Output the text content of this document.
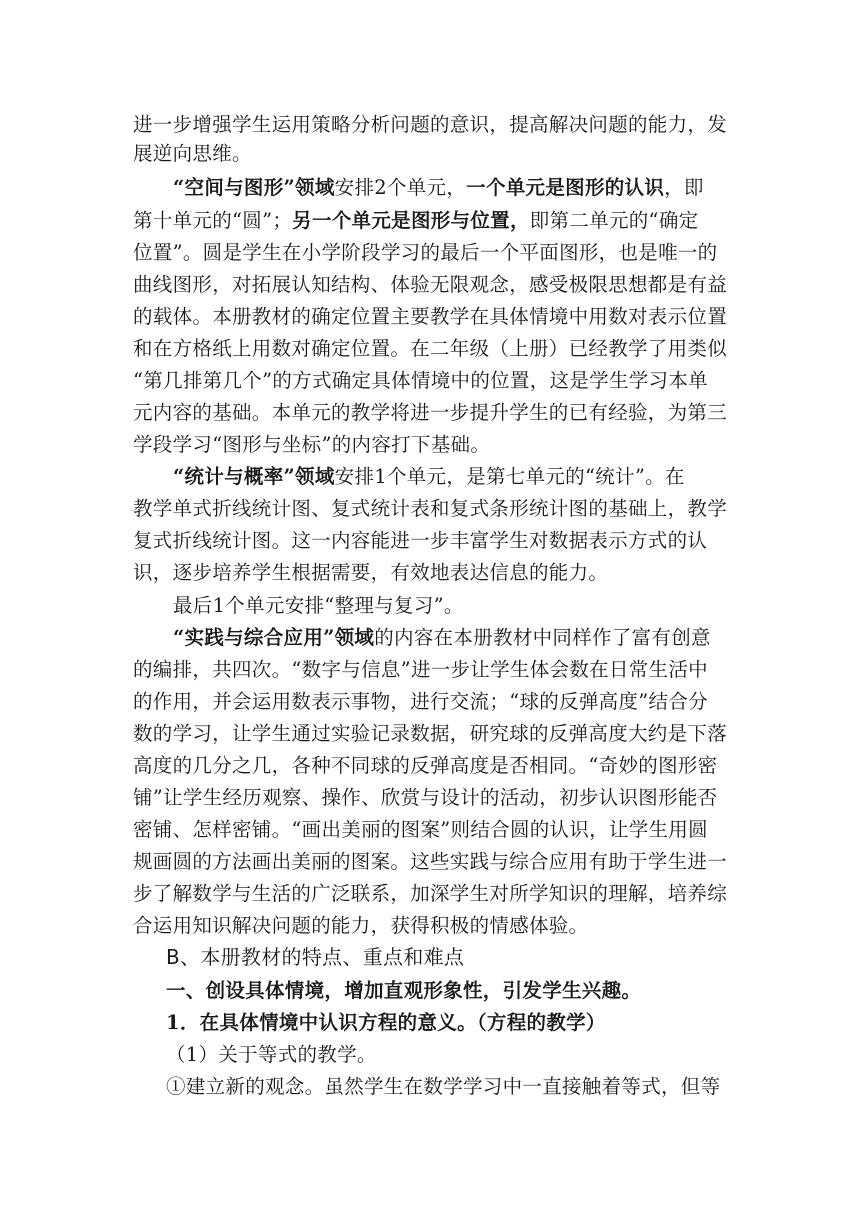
进一步增强学生运用策略分析问题的意识，提高解决问题的能力，发
展逆向思维。
“空间与图形”领域安排2个单元，一个单元是图形的认识，即
第十单元的“圆”；另一个单元是图形与位置，即第二单元的“确定
位置”。圆是学生在小学阶段学习的最后一个平面图形，也是唯一的
曲线图形，对拓展认知结构、体验无限观念，感受极限思想都是有益
的载体。本册教材的确定位置主要教学在具体情境中用数对表示位置
和在方格纸上用数对确定位置。在二年级（上册）已经教学了用类似
“第几排第几个”的方式确定具体情境中的位置，这是学生学习本单
元内容的基础。本单元的教学将进一步提升学生的已有经验，为第三
学段学习“图形与坐标”的内容打下基础。
“统计与概率”领域安排1个单元，是第七单元的“统计”。在
教学单式折线统计图、复式统计表和复式条形统计图的基础上，教学
复式折线统计图。这一内容能进一步丰富学生对数据表示方式的认
识，逐步培养学生根据需要，有效地表达信息的能力。
最后1个单元安排“整理与复习”。
“实践与综合应用”领域的内容在本册教材中同样作了富有创意
的编排，共四次。“数字与信息”进一步让学生体会数在日常生活中
的作用，并会运用数表示事物，进行交流；“球的反弹高度”结合分
数的学习，让学生通过实验记录数据，研究球的反弹高度大约是下落
高度的几分之几，各种不同球的反弹高度是否相同。“奇妙的图形密
铺”让学生经历观察、操作、欣赏与设计的活动，初步认识图形能否
密铺、怎样密铺。“画出美丽的图案”则结合圆的认识，让学生用圆
规画圆的方法画出美丽的图案。这些实践与综合应用有助于学生进一
步了解数学与生活的广泛联系，加深学生对所学知识的理解，培养综
合运用知识解决问题的能力，获得积极的情感体验。
B、本册教材的特点、重点和难点
一、创设具体情境，增加直观形象性，引发学生兴趣。
1．在具体情境中认识方程的意义。（方程的教学）
（1）关于等式的教学。
①建立新的观念。虽然学生在数学学习中一直接触着等式，但等
